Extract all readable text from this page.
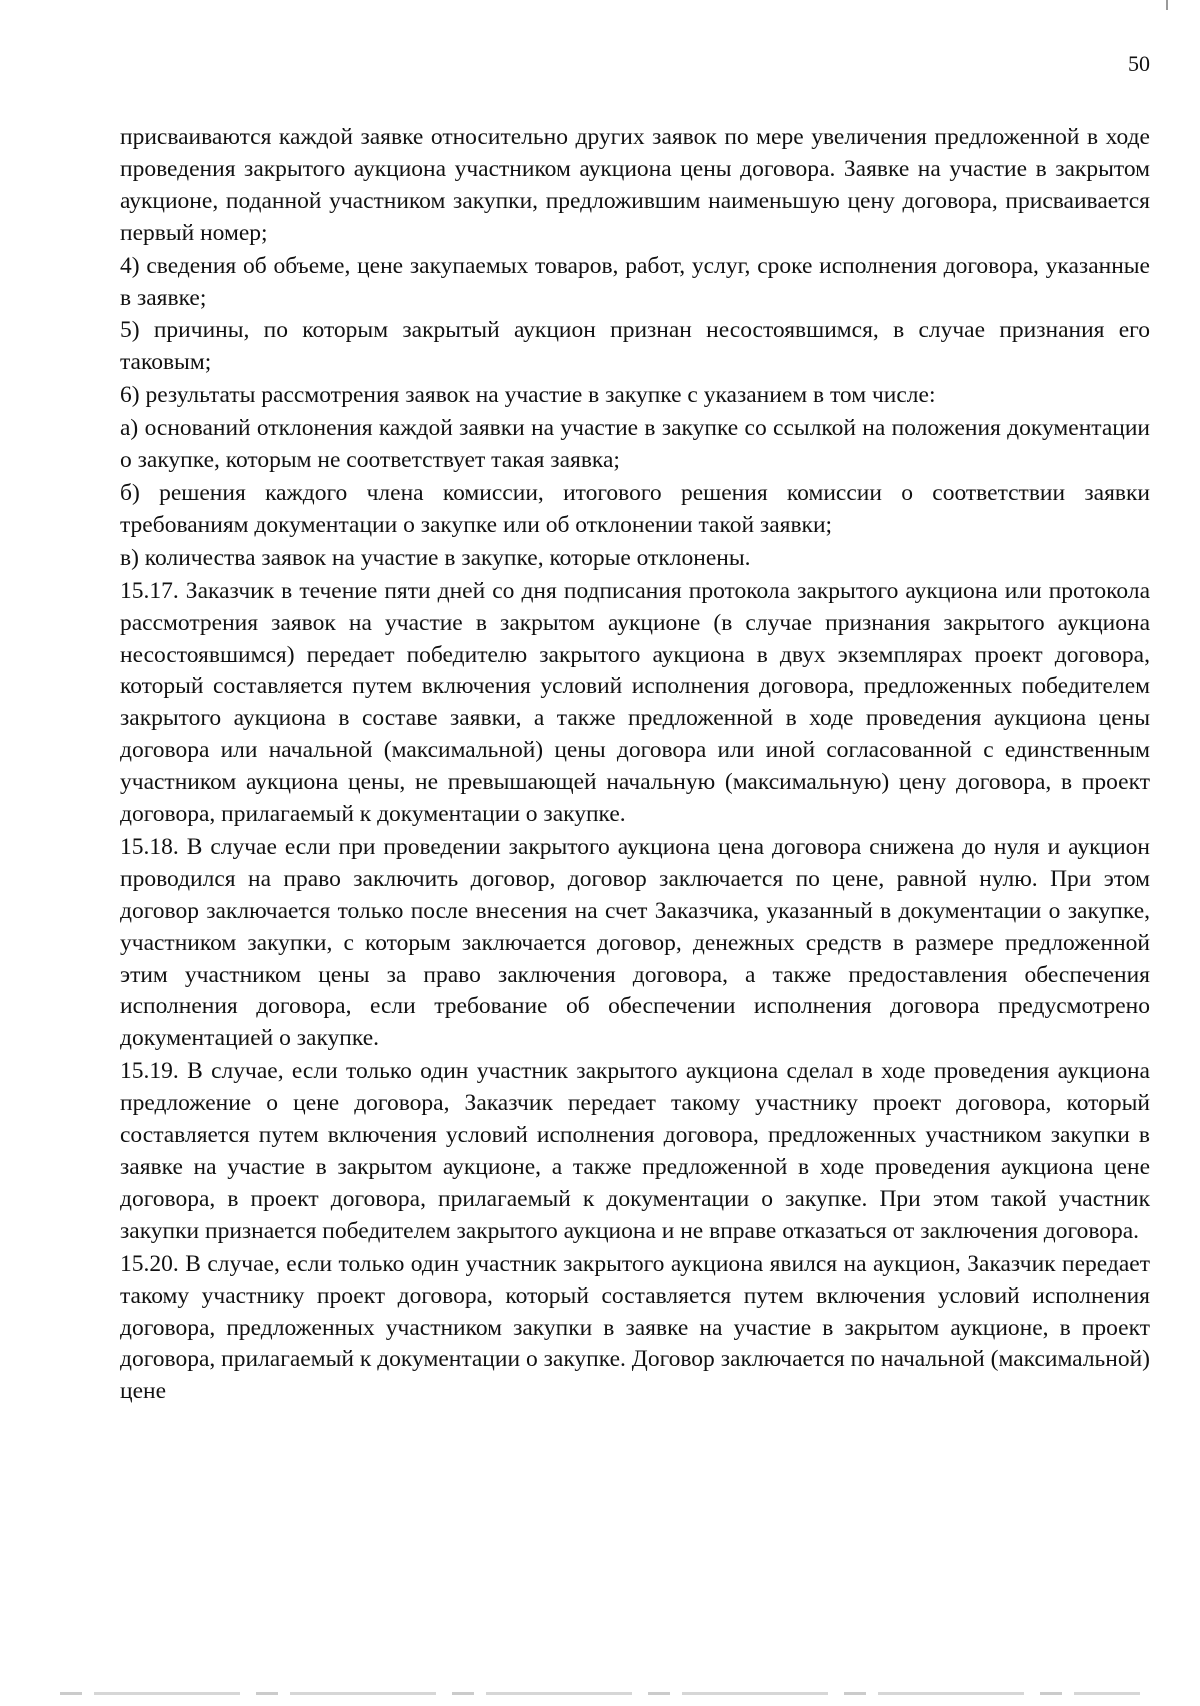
50

присваиваются каждой заявке относительно других заявок по мере увеличения предложенной в ходе проведения закрытого аукциона участником аукциона цены договора. Заявке на участие в закрытом аукционе, поданной участником закупки, предложившим наименьшую цену договора, присваивается первый номер;

4) сведения об объеме, цене закупаемых товаров, работ, услуг, сроке исполнения договора, указанные в заявке;

5) причины, по которым закрытый аукцион признан несостоявшимся, в случае признания его таковым;

6) результаты рассмотрения заявок на участие в закупке с указанием в том числе:

а) оснований отклонения каждой заявки на участие в закупке со ссылкой на положения документации о закупке, которым не соответствует такая заявка;

б) решения каждого члена комиссии, итогового решения комиссии о соответствии заявки требованиям документации о закупке или об отклонении такой заявки;

в) количества заявок на участие в закупке, которые отклонены.

15.17. Заказчик в течение пяти дней со дня подписания протокола закрытого аукциона или протокола рассмотрения заявок на участие в закрытом аукционе (в случае признания закрытого аукциона несостоявшимся) передает победителю закрытого аукциона в двух экземплярах проект договора, который составляется путем включения условий исполнения договора, предложенных победителем закрытого аукциона в составе заявки, а также предложенной в ходе проведения аукциона цены договора или начальной (максимальной) цены договора или иной согласованной с единственным участником аукциона цены, не превышающей начальную (максимальную) цену договора, в проект договора, прилагаемый к документации о закупке.

15.18. В случае если при проведении закрытого аукциона цена договора снижена до нуля и аукцион проводился на право заключить договор, договор заключается по цене, равной нулю. При этом договор заключается только после внесения на счет Заказчика, указанный в документации о закупке, участником закупки, с которым заключается договор, денежных средств в размере предложенной этим участником цены за право заключения договора, а также предоставления обеспечения исполнения договора, если требование об обеспечении исполнения договора предусмотрено документацией о закупке.

15.19. В случае, если только один участник закрытого аукциона сделал в ходе проведения аукциона предложение о цене договора, Заказчик передает такому участнику проект договора, который составляется путем включения условий исполнения договора, предложенных участником закупки в заявке на участие в закрытом аукционе, а также предложенной в ходе проведения аукциона цене договора, в проект договора, прилагаемый к документации о закупке. При этом такой участник закупки признается победителем закрытого аукциона и не вправе отказаться от заключения договора.

15.20. В случае, если только один участник закрытого аукциона явился на аукцион, Заказчик передает такому участнику проект договора, который составляется путем включения условий исполнения договора, предложенных участником закупки в заявке на участие в закрытом аукционе, в проект договора, прилагаемый к документации о закупке. Договор заключается по начальной (максимальной) цене
